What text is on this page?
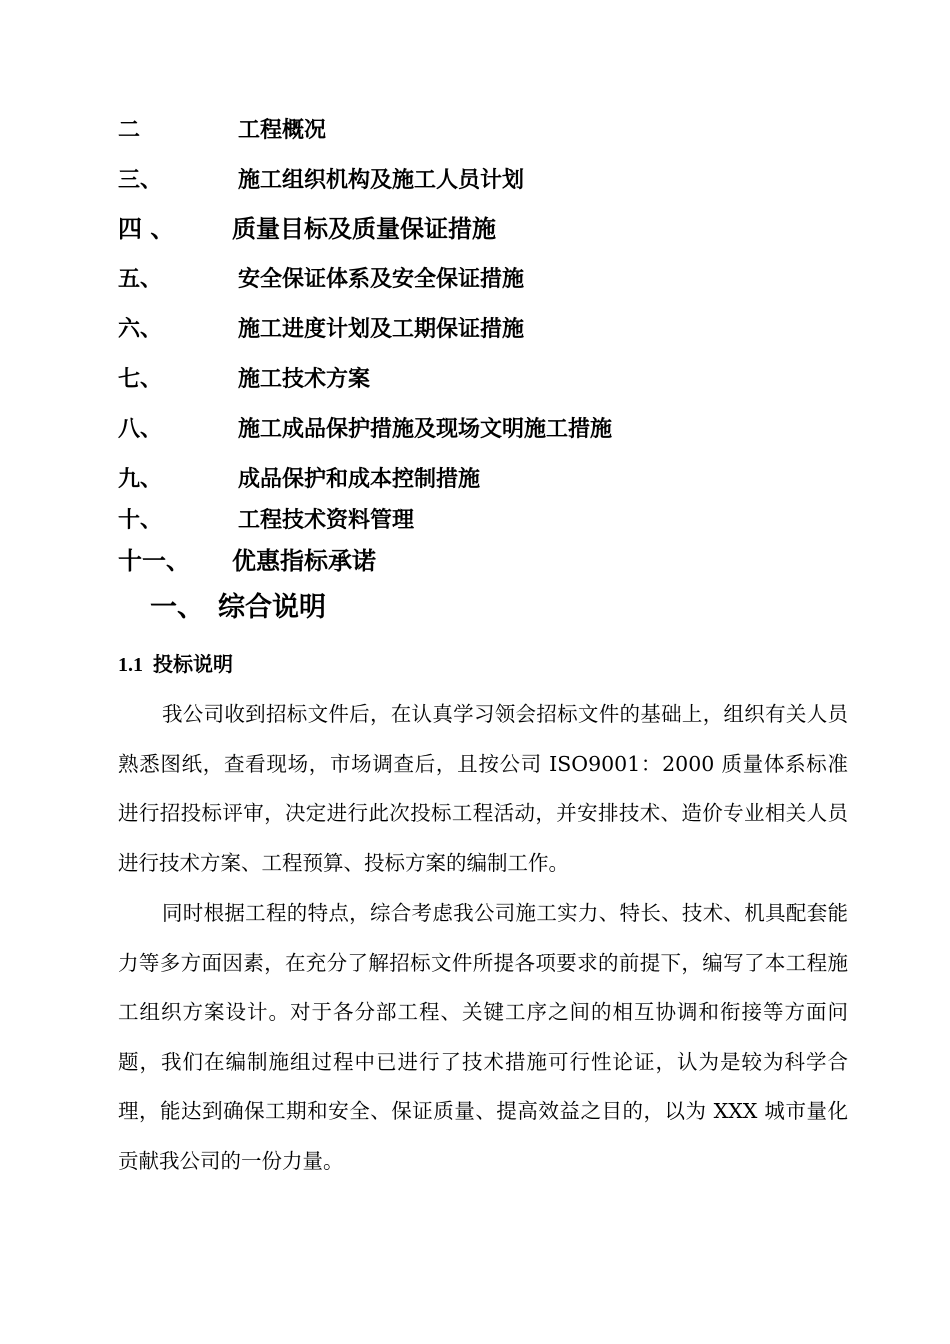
二	工程概况
三、	施工组织机构及施工人员计划
四 、 质量目标及质量保证措施
五、	安全保证体系及安全保证措施
六、	施工进度计划及工期保证措施
七、	施工技术方案
八、	施工成品保护措施及现场文明施工措施
九、	成品保护和成本控制措施
十、	工程技术资料管理
十一、 优惠指标承诺
一、 综合说明
1.1 投标说明

我公司收到招标文件后，在认真学习领会招标文件的基础上，组织有关人员熟悉图纸，查看现场，市场调查后，且按公司 ISO9001：2000 质量体系标准进行招投标评审，决定进行此次投标工程活动，并安排技术、造价专业相关人员进行技术方案、工程预算、投标方案的编制工作。

同时根据工程的特点，综合考虑我公司施工实力、特长、技术、机具配套能力等多方面因素，在充分了解招标文件所提各项要求的前提下，编写了本工程施工组织方案设计。对于各分部工程、关键工序之间的相互协调和衔接等方面问题，我们在编制施组过程中已进行了技术措施可行性论证，认为是较为科学合理，能达到确保工期和安全、保证质量、提高效益之目的，以为 XXX 城市量化贡献我公司的一份力量。
